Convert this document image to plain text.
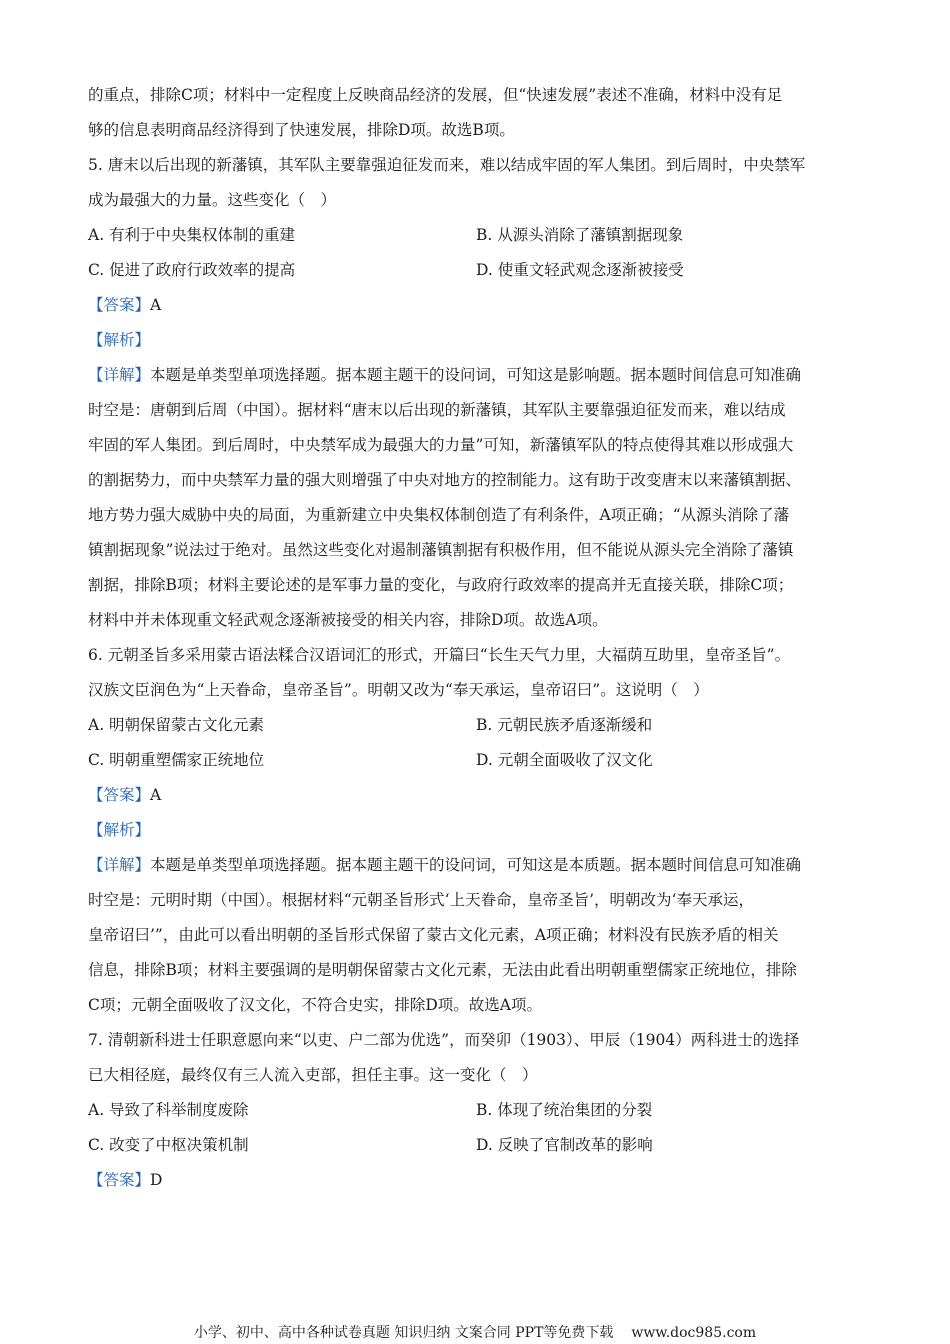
的重点，排除C项；材料中一定程度上反映商品经济的发展，但“快速发展”表述不准确，材料中没有足
够的信息表明商品经济得到了快速发展，排除D项。故选B项。
5. 唐末以后出现的新藩镇，其军队主要靠强迫征发而来，难以结成牢固的军人集团。到后周时，中央禁军
成为最强大的力量。这些变化（　）
A. 有利于中央集权体制的重建	B. 从源头消除了藩镇割据现象
C. 促进了政府行政效率的提高	D. 使重文轻武观念逐渐被接受
【答案】A
【解析】
【详解】本题是单类型单项选择题。据本题主题干的设问词，可知这是影响题。据本题时间信息可知准确
时空是：唐朝到后周（中国）。据材料“唐末以后出现的新藩镇，其军队主要靠强迫征发而来，难以结成
牢固的军人集团。到后周时，中央禁军成为最强大的力量”可知，新藩镇军队的特点使得其难以形成强大
的割据势力，而中央禁军力量的强大则增强了中央对地方的控制能力。这有助于改变唐末以来藩镇割据、
地方势力强大威胁中央的局面，为重新建立中央集权体制创造了有利条件，A项正确；“从源头消除了藩
镇割据现象”说法过于绝对。虽然这些变化对遏制藩镇割据有积极作用，但不能说从源头完全消除了藩镇
割据，排除B项；材料主要论述的是军事力量的变化，与政府行政效率的提高并无直接关联，排除C项；
材料中并未体现重文轻武观念逐渐被接受的相关内容，排除D项。故选A项。
6. 元朝圣旨多采用蒙古语法糅合汉语词汇的形式，开篇曰“长生天气力里，大福荫互助里，皇帝圣旨”。
汉族文臣润色为“上天眷命，皇帝圣旨”。明朝又改为“奉天承运，皇帝诏曰”。这说明（　）
A. 明朝保留蒙古文化元素	B. 元朝民族矛盾逐渐缓和
C. 明朝重塑儒家正统地位	D. 元朝全面吸收了汉文化
【答案】A
【解析】
【详解】本题是单类型单项选择题。据本题主题干的设问词，可知这是本质题。据本题时间信息可知准确
时空是：元明时期（中国）。根据材料“元朝圣旨形式‘上天眷命，皇帝圣旨’，明朝改为‘奉天承运，
皇帝诏曰’”，由此可以看出明朝的圣旨形式保留了蒙古文化元素，A项正确；材料没有民族矛盾的相关
信息，排除B项；材料主要强调的是明朝保留蒙古文化元素，无法由此看出明朝重塑儒家正统地位，排除
C项；元朝全面吸收了汉文化，不符合史实，排除D项。故选A项。
7. 清朝新科进士任职意愿向来“以吏、户二部为优选”，而癸卯（1903）、甲辰（1904）两科进士的选择
已大相径庭，最终仅有三人流入吏部，担任主事。这一变化（　）
A. 导致了科举制度废除	B. 体现了统治集团的分裂
C. 改变了中枢决策机制	D. 反映了官制改革的影响
【答案】D
小学、初中、高中各种试卷真题 知识归纳 文案合同 PPT等免费下载 www.doc985.com
